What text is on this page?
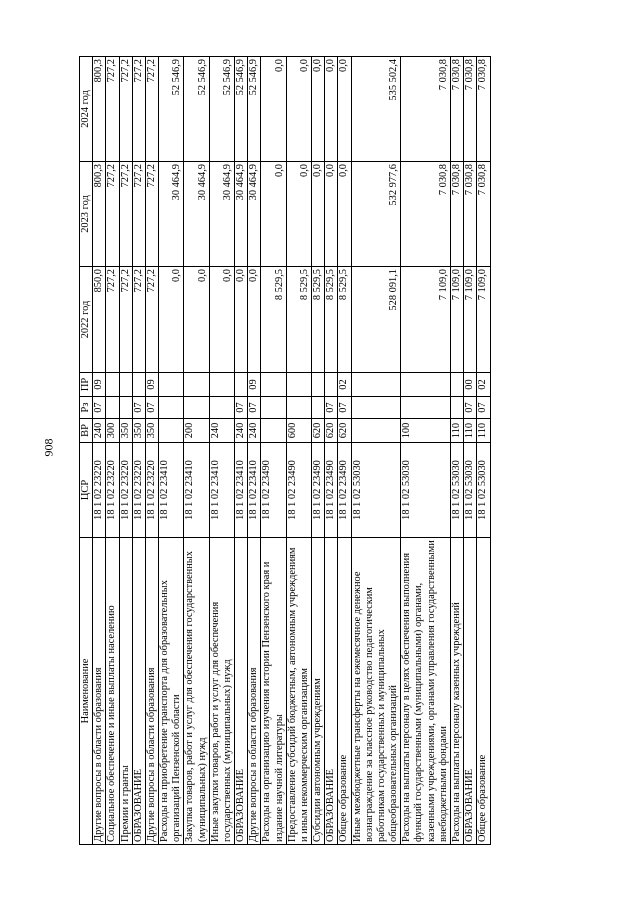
908
Наименование	ЦСР	ВР	Рз	ПР	2022 год	2023 год	2024 год
Другие вопросы в области образования	18 1 02 23220	240	07	09	850,0	800,3	800,3
Социальное обеспечение и иные выплаты населению	18 1 02 23220	300			727,2	727,2	727,2
Премии и гранты	18 1 02 23220	350			727,2	727,2	727,2
ОБРАЗОВАНИЕ	18 1 02 23220	350	07		727,2	727,2	727,2
Другие вопросы в области образования	18 1 02 23220	350	07	09	727,2	727,2	727,2
Расходы на приобретение транспорта для образовательных организаций Пензенской области	18 1 02 23410				0,0	30 464,9	52 546,9
Закупка товаров, работ и услуг для обеспечения государственных (муниципальных) нужд	18 1 02 23410	200			0,0	30 464,9	52 546,9
Иные закупки товаров, работ и услуг для обеспечения государственных (муниципальных) нужд	18 1 02 23410	240			0,0	30 464,9	52 546,9
ОБРАЗОВАНИЕ	18 1 02 23410	240	07		0,0	30 464,9	52 546,9
Другие вопросы в области образования	18 1 02 23410	240	07	09	0,0	30 464,9	52 546,9
Расходы на организацию изучения истории Пензенского края и издание научной литературы	18 1 02 23490				8 529,5	0,0	0,0
Предоставление субсидий бюджетным, автономным учреждениям и иным некоммерческим организациям	18 1 02 23490	600			8 529,5	0,0	0,0
Субсидии автономным учреждениям	18 1 02 23490	620			8 529,5	0,0	0,0
ОБРАЗОВАНИЕ	18 1 02 23490	620	07		8 529,5	0,0	0,0
Общее образование	18 1 02 23490	620	07	02	8 529,5	0,0	0,0
Иные межбюджетные трансферты на ежемесячное денежное вознаграждение за классное руководство педагогическим работникам государственных и муниципальных общеобразовательных организаций	18 1 02 53030				528 091,1	532 977,6	535 502,4
Расходы на выплаты персоналу в целях обеспечения выполнения функций государственными (муниципальными) органами, казенными учреждениями, органами управления государственными внебюджетными фондами	18 1 02 53030	100			7 109,0	7 030,8	7 030,8
Расходы на выплаты персоналу казенных учреждений	18 1 02 53030	110			7 109,0	7 030,8	7 030,8
ОБРАЗОВАНИЕ	18 1 02 53030	110	07	00	7 109,0	7 030,8	7 030,8
Общее образование	18 1 02 53030	110	07	02	7 109,0	7 030,8	7 030,8
